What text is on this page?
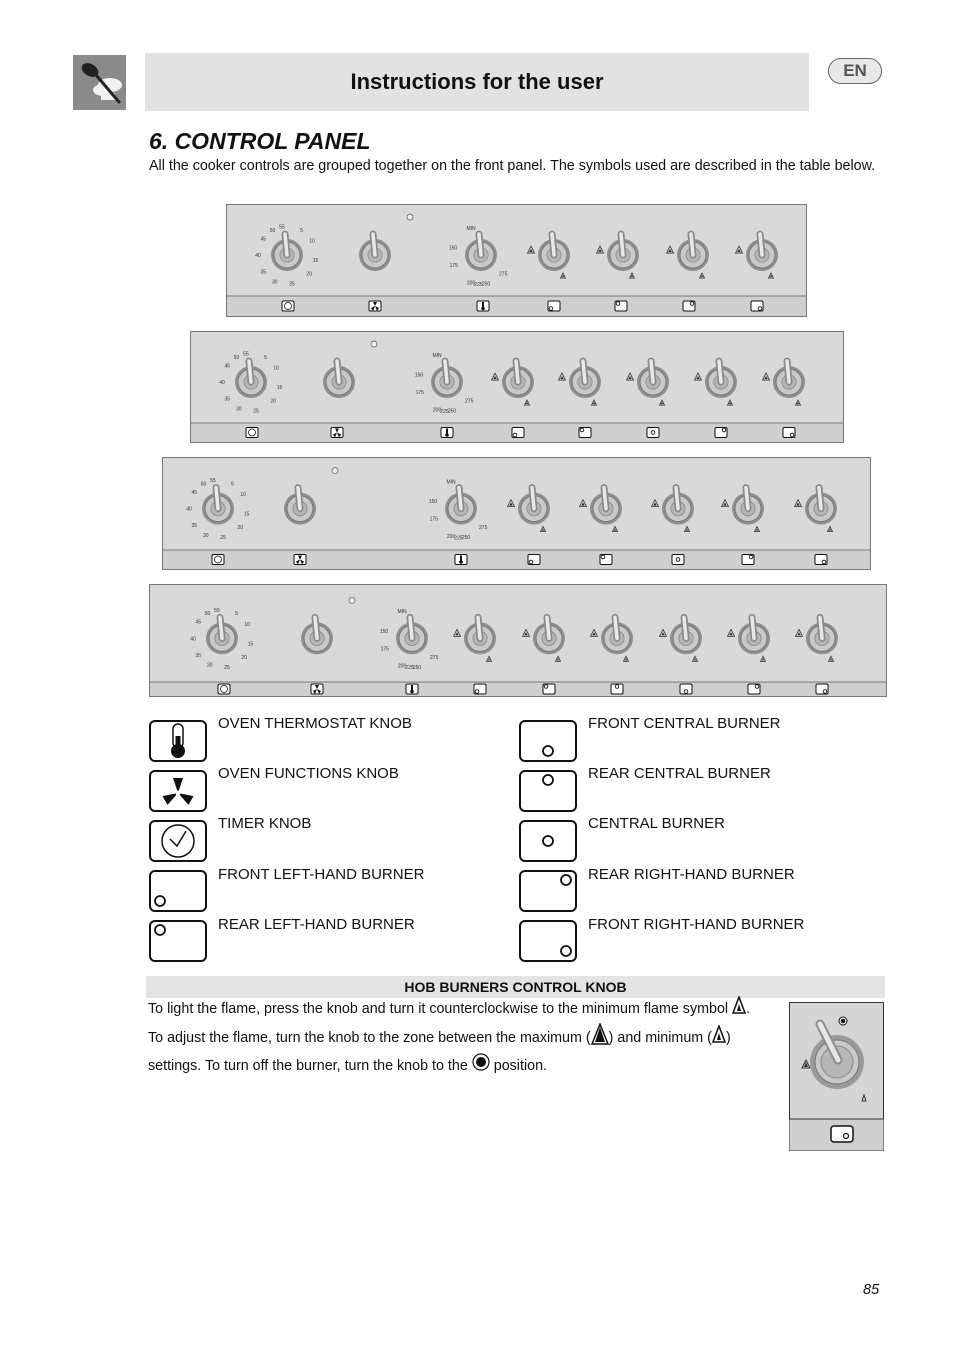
Instructions for the user	EN
6. CONTROL PANEL
All the cooker controls are grouped together on the front panel. The symbols used are described in the table below.
55
5
50
10
45
15
40
20
35
25
30
MIN
150
175
200 225 250
275
55
5
50
10
45
15
40
20
35
25
30
MIN
150
175
200 225 250
275
55
5
50
10
45
15
40
20
35
25
30
MIN
150
175
200 225 250
275
55
5
50
10
45
15
40
20
35
25
30
MIN
150
175
200 225 250
275
OVEN THERMOSTAT KNOB
OVEN FUNCTIONS KNOB
TIMER KNOB
FRONT LEFT-HAND BURNER
REAR LEFT-HAND BURNER
FRONT CENTRAL BURNER
REAR CENTRAL BURNER
CENTRAL BURNER
REAR RIGHT-HAND BURNER
FRONT RIGHT-HAND BURNER
HOB BURNERS CONTROL KNOB
To light the flame, press the knob and turn it counterclockwise to the minimum flame symbol . To adjust the flame, turn the knob to the zone between the maximum ( ) and minimum ( ) settings. To turn off the burner, turn the knob to the position.
85
